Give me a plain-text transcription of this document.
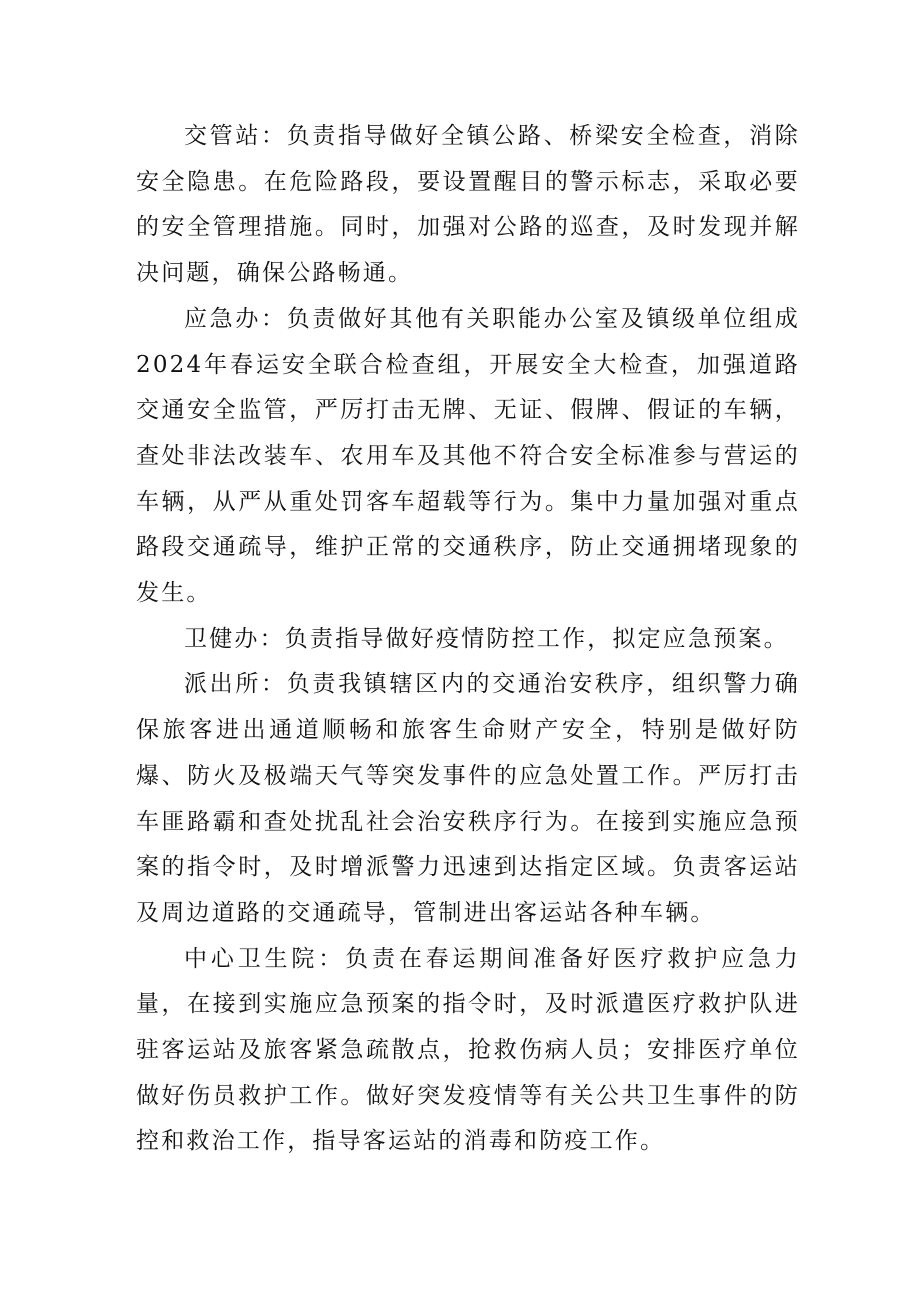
交管站：负责指导做好全镇公路、桥梁安全检查，消除安全隐患。在危险路段，要设置醒目的警示标志，采取必要的安全管理措施。同时，加强对公路的巡查，及时发现并解决问题，确保公路畅通。

应急办：负责做好其他有关职能办公室及镇级单位组成2024年春运安全联合检查组，开展安全大检查，加强道路交通安全监管，严厉打击无牌、无证、假牌、假证的车辆，查处非法改装车、农用车及其他不符合安全标准参与营运的车辆，从严从重处罚客车超载等行为。集中力量加强对重点路段交通疏导，维护正常的交通秩序，防止交通拥堵现象的发生。

卫健办：负责指导做好疫情防控工作，拟定应急预案。

派出所：负责我镇辖区内的交通治安秩序，组织警力确保旅客进出通道顺畅和旅客生命财产安全，特别是做好防爆、防火及极端天气等突发事件的应急处置工作。严厉打击车匪路霸和查处扰乱社会治安秩序行为。在接到实施应急预案的指令时，及时增派警力迅速到达指定区域。负责客运站及周边道路的交通疏导，管制进出客运站各种车辆。

中心卫生院：负责在春运期间准备好医疗救护应急力量，在接到实施应急预案的指令时，及时派遣医疗救护队进驻客运站及旅客紧急疏散点，抢救伤病人员；安排医疗单位做好伤员救护工作。做好突发疫情等有关公共卫生事件的防控和救治工作，指导客运站的消毒和防疫工作。
